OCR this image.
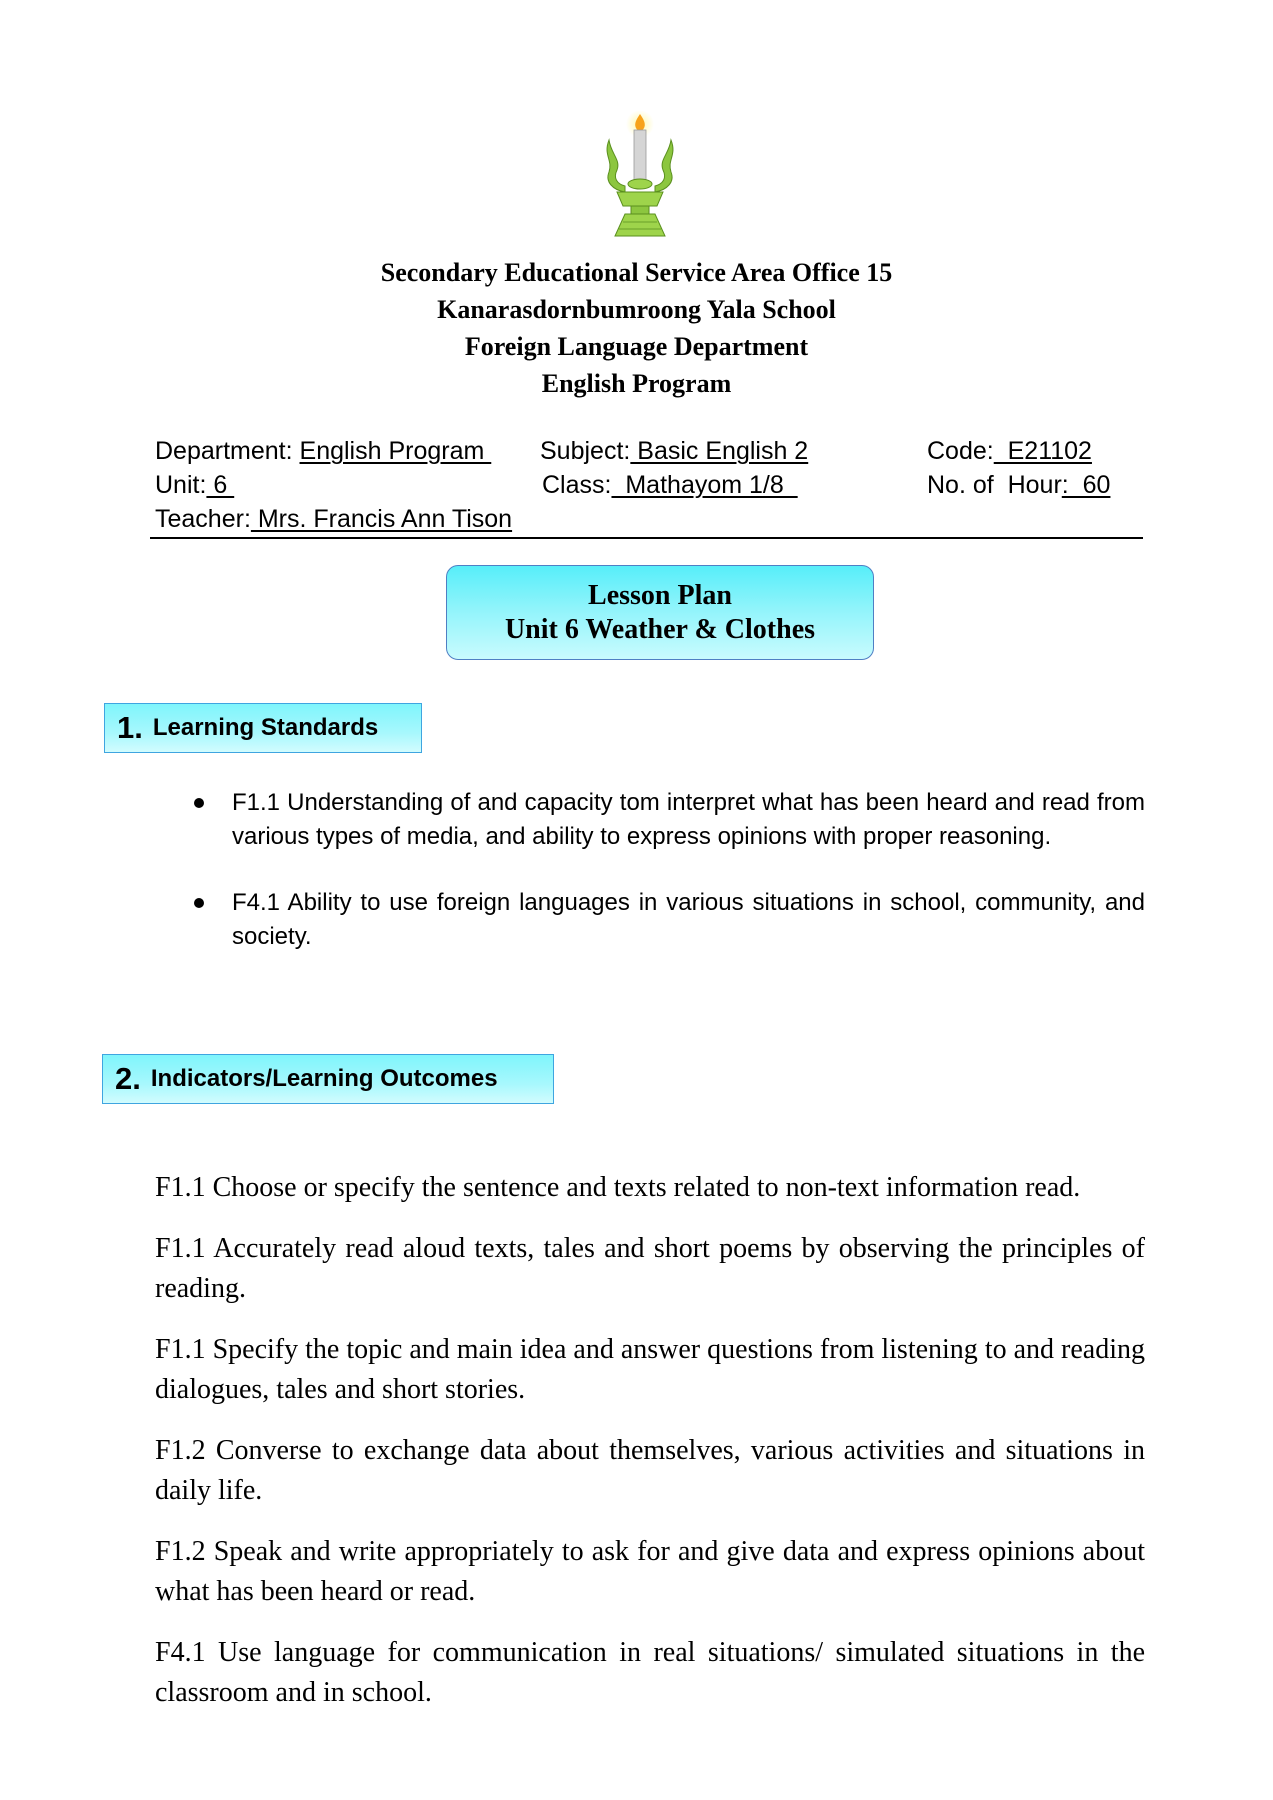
Secondary Educational Service Area Office 15
Kanarasdornbumroong Yala School
Foreign Language Department
English Program
Department: English Program Subject: Basic English 2	Code:  E21102
Unit: 6	Class:  Mathayom 1/8	No. of  Hour:  60
Teacher: Mrs. Francis Ann Tison
Lesson Plan
Unit 6 Weather & Clothes
1. Learning Standards
F1.1 Understanding of and capacity tom interpret what has been heard and read from various types of media, and ability to express opinions with proper reasoning.
F4.1 Ability to use foreign languages in various situations in school, community, and society.
2. Indicators/Learning Outcomes
F1.1 Choose or specify the sentence and texts related to non-text information read.
F1.1 Accurately read aloud texts, tales and short poems by observing the principles of reading.
F1.1 Specify the topic and main idea and answer questions from listening to and reading dialogues, tales and short stories.
F1.2 Converse to exchange data about themselves, various activities and situations in daily life.
F1.2 Speak and write appropriately to ask for and give data and express opinions about what has been heard or read.
F4.1 Use language for communication in real situations/ simulated situations in the classroom and in school.
